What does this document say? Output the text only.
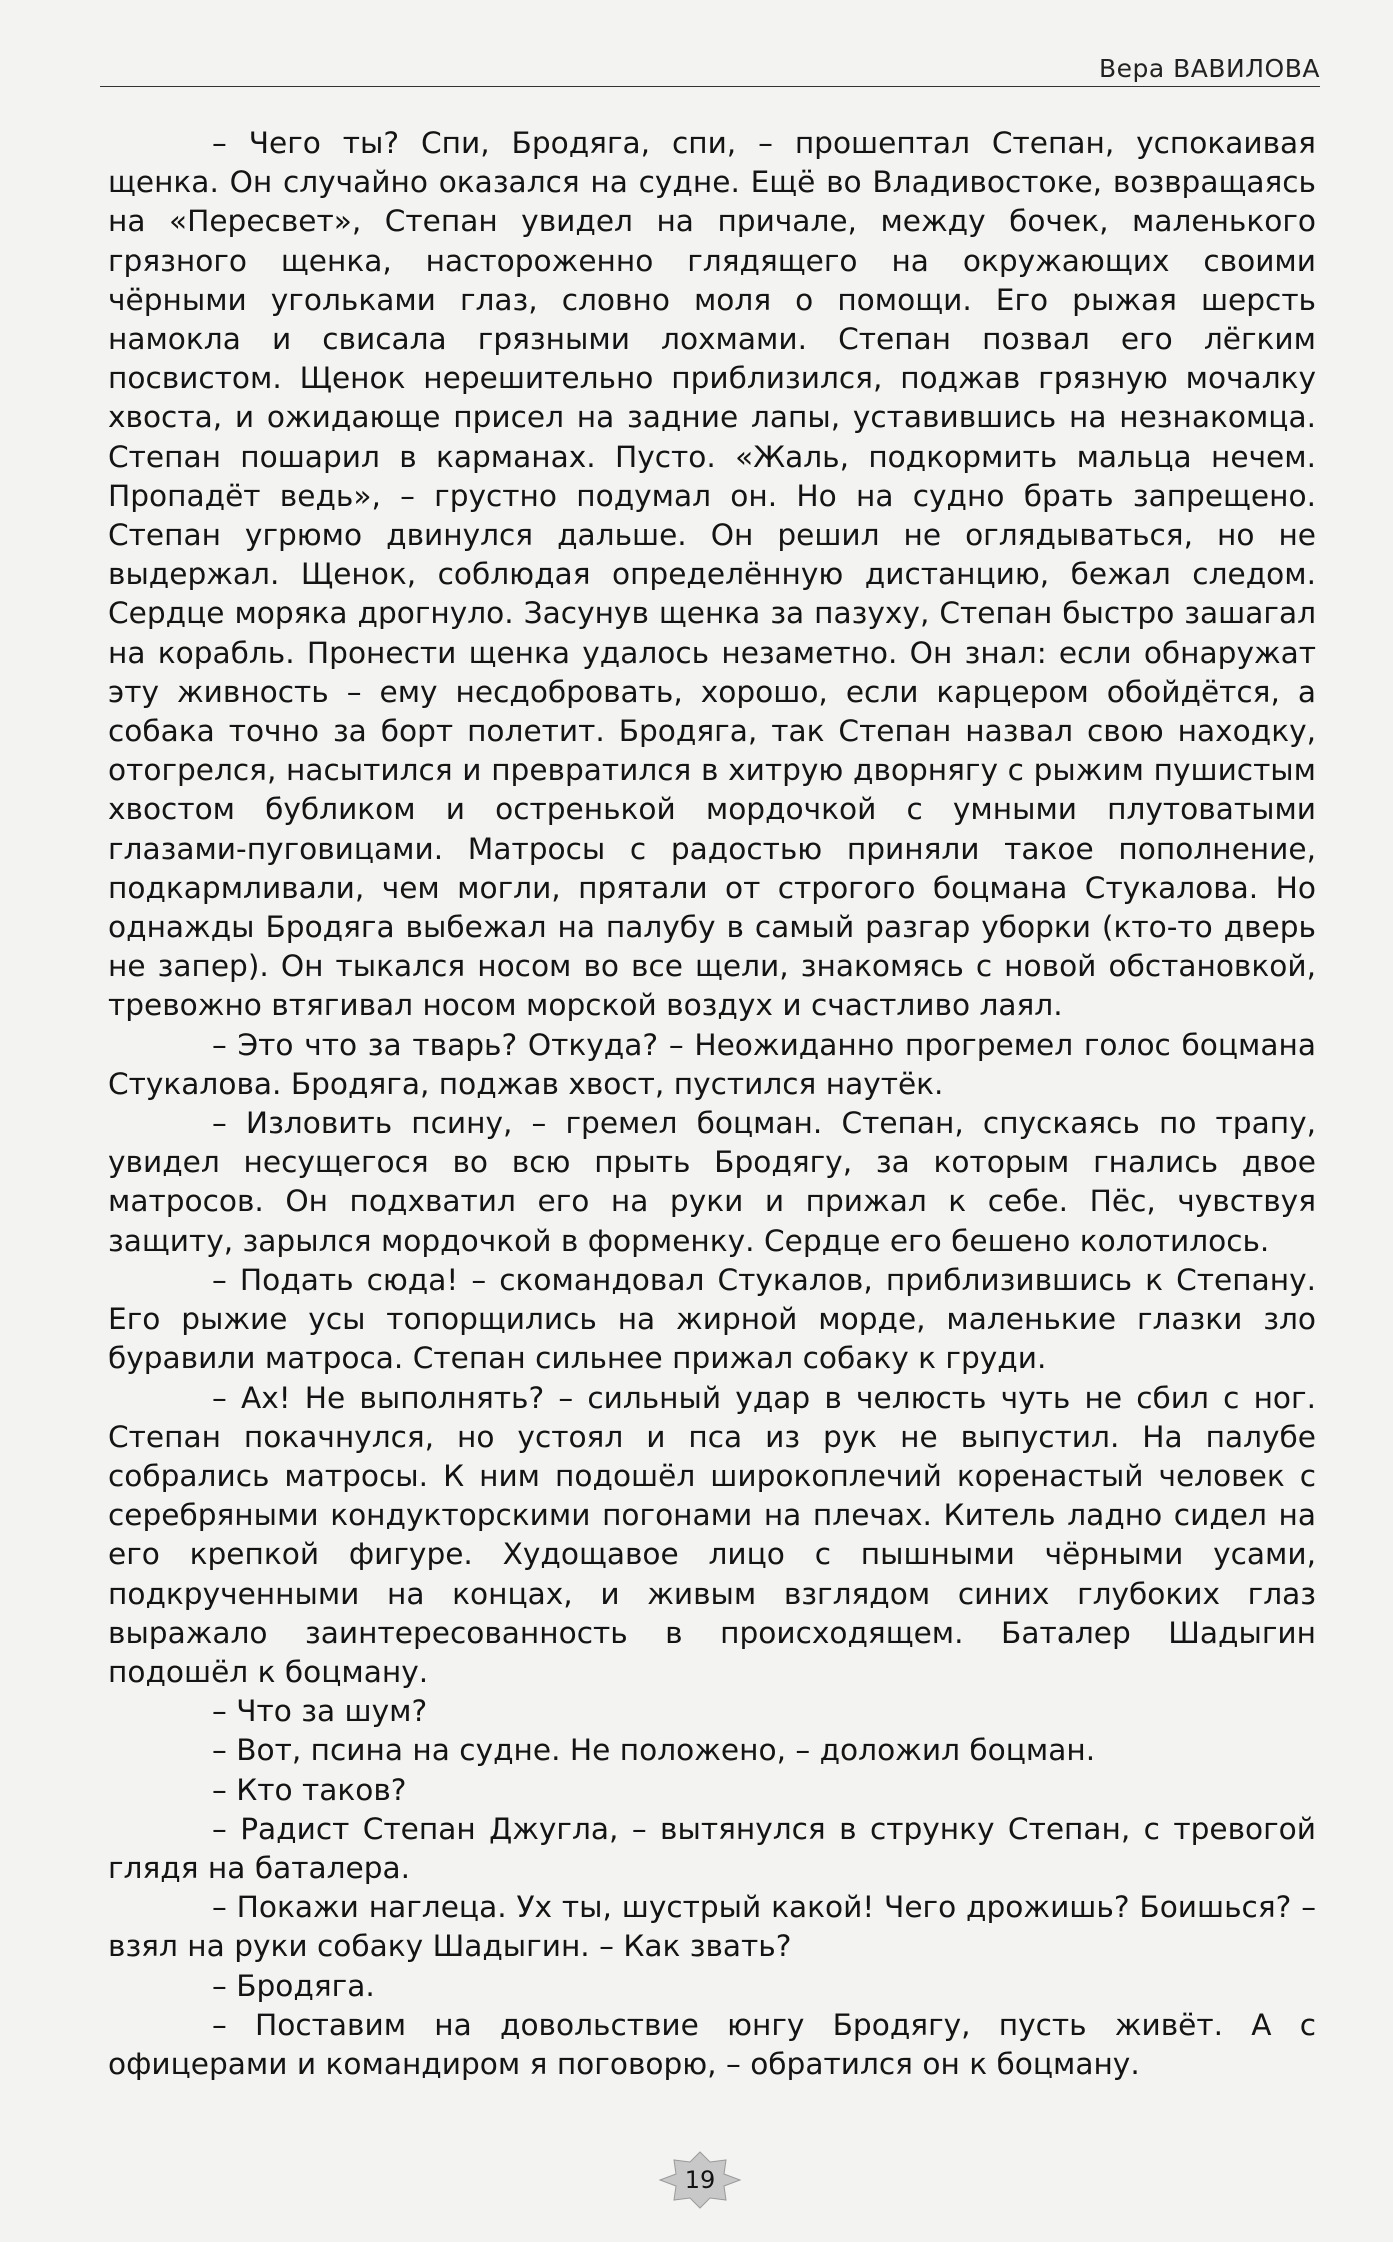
Вера ВАВИЛОВА

– Чего ты? Спи, Бродяга, спи, – прошептал Степан, успокаивая щенка. Он случайно оказался на судне. Ещё во Владивостоке, возвращаясь на «Пересвет», Степан увидел на причале, между бочек, маленького грязного щенка, настороженно глядящего на окружающих своими чёрными угольками глаз, словно моля о помощи. Его рыжая шерсть намокла и свисала грязными лохмами. Степан позвал его лёгким посвистом. Щенок нерешительно приблизился, поджав грязную мочалку хвоста, и ожидающе присел на задние лапы, уставившись на незнакомца. Степан пошарил в карманах. Пусто. «Жаль, подкормить мальца нечем. Пропадёт ведь», – грустно подумал он. Но на судно брать запрещено. Степан угрюмо двинулся дальше. Он решил не оглядываться, но не выдержал. Щенок, соблюдая определённую дистанцию, бежал следом. Сердце моряка дрогнуло. Засунув щенка за пазуху, Степан быстро зашагал на корабль. Пронести щенка удалось незаметно. Он знал: если обнаружат эту живность – ему несдобровать, хорошо, если карцером обойдётся, а собака точно за борт полетит. Бродяга, так Степан назвал свою находку, отогрелся, насытился и превратился в хитрую дворнягу с рыжим пушистым хвостом бубликом и остренькой мордочкой с умными плутоватыми глазами-пуговицами. Матросы с радостью приняли такое пополнение, подкармливали, чем могли, прятали от строгого боцмана Стукалова. Но однажды Бродяга выбежал на палубу в самый разгар уборки (кто-то дверь не запер). Он тыкался носом во все щели, знакомясь с новой обстановкой, тревожно втягивал носом морской воздух и счастливо лаял.

– Это что за тварь? Откуда? – Неожиданно прогремел голос боцмана Стукалова. Бродяга, поджав хвост, пустился наутёк.

– Изловить псину, – гремел боцман. Степан, спускаясь по трапу, увидел несущегося во всю прыть Бродягу, за которым гнались двое матросов. Он подхватил его на руки и прижал к себе. Пёс, чувствуя защиту, зарылся мордочкой в форменку. Сердце его бешено колотилось.

– Подать сюда! – скомандовал Стукалов, приблизившись к Степану. Его рыжие усы топорщились на жирной морде, маленькие глазки зло буравили матроса. Степан сильнее прижал собаку к груди.

– Ах! Не выполнять? – сильный удар в челюсть чуть не сбил с ног. Степан покачнулся, но устоял и пса из рук не выпустил. На палубе собрались матросы. К ним подошёл широкоплечий коренастый человек с серебряными кондукторскими погонами на плечах. Китель ладно сидел на его крепкой фигуре. Худощавое лицо с пышными чёрными усами, подкрученными на концах, и живым взглядом синих глубоких глаз выражало заинтересованность в происходящем. Баталер Шадыгин подошёл к боцману.

– Что за шум?

– Вот, псина на судне. Не положено, – доложил боцман.

– Кто таков?

– Радист Степан Джугла, – вытянулся в струнку Степан, с тревогой глядя на баталера.

– Покажи наглеца. Ух ты, шустрый какой! Чего дрожишь? Боишься? – взял на руки собаку Шадыгин. – Как звать?

– Бродяга.

– Поставим на довольствие юнгу Бродягу, пусть живёт. А с офицерами и командиром я поговорю, – обратился он к боцману.

19
